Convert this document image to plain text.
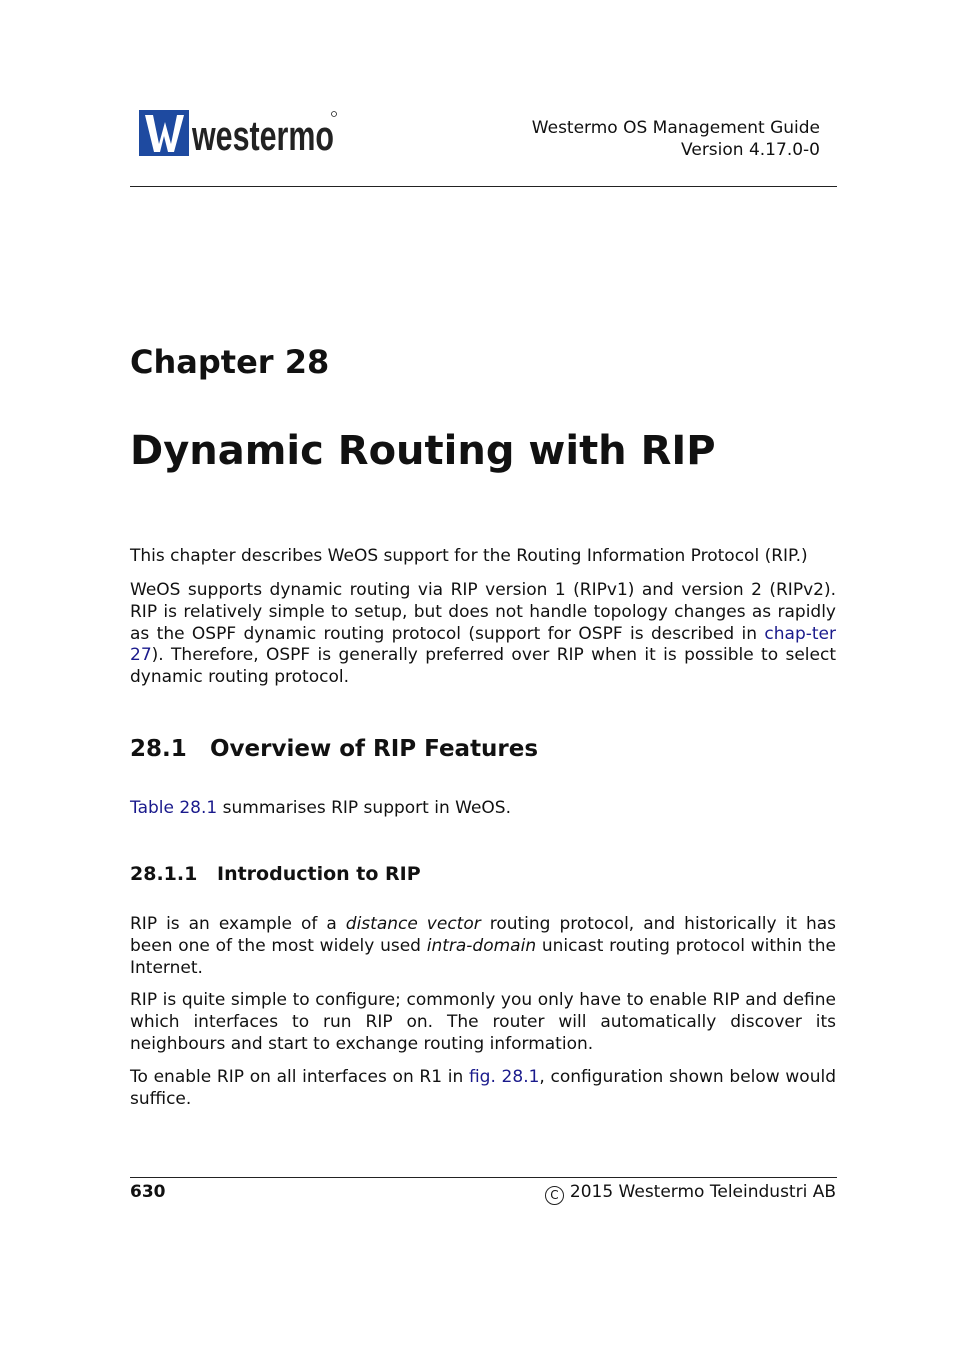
westermo	Westermo OS Management Guide
Version 4.17.0-0
Chapter 28
Dynamic Routing with RIP

This chapter describes WeOS support for the Routing Information Protocol (RIP.)

WeOS supports dynamic routing via RIP version 1 (RIPv1) and version 2 (RIPv2). RIP is relatively simple to setup, but does not handle topology changes as rapidly as the OSPF dynamic routing protocol (support for OSPF is described in chap-ter 27). Therefore, OSPF is generally preferred over RIP when it is possible to select dynamic routing protocol.

28.1 Overview of RIP Features

Table 28.1 summarises RIP support in WeOS.

28.1.1 Introduction to RIP

RIP is an example of a distance vector routing protocol, and historically it has been one of the most widely used intra-domain unicast routing protocol within the Internet.

RIP is quite simple to configure; commonly you only have to enable RIP and define which interfaces to run RIP on. The router will automatically discover its neighbours and start to exchange routing information.

To enable RIP on all interfaces on R1 in fig. 28.1, configuration shown below would suffice.

630	C 2015 Westermo Teleindustri AB
